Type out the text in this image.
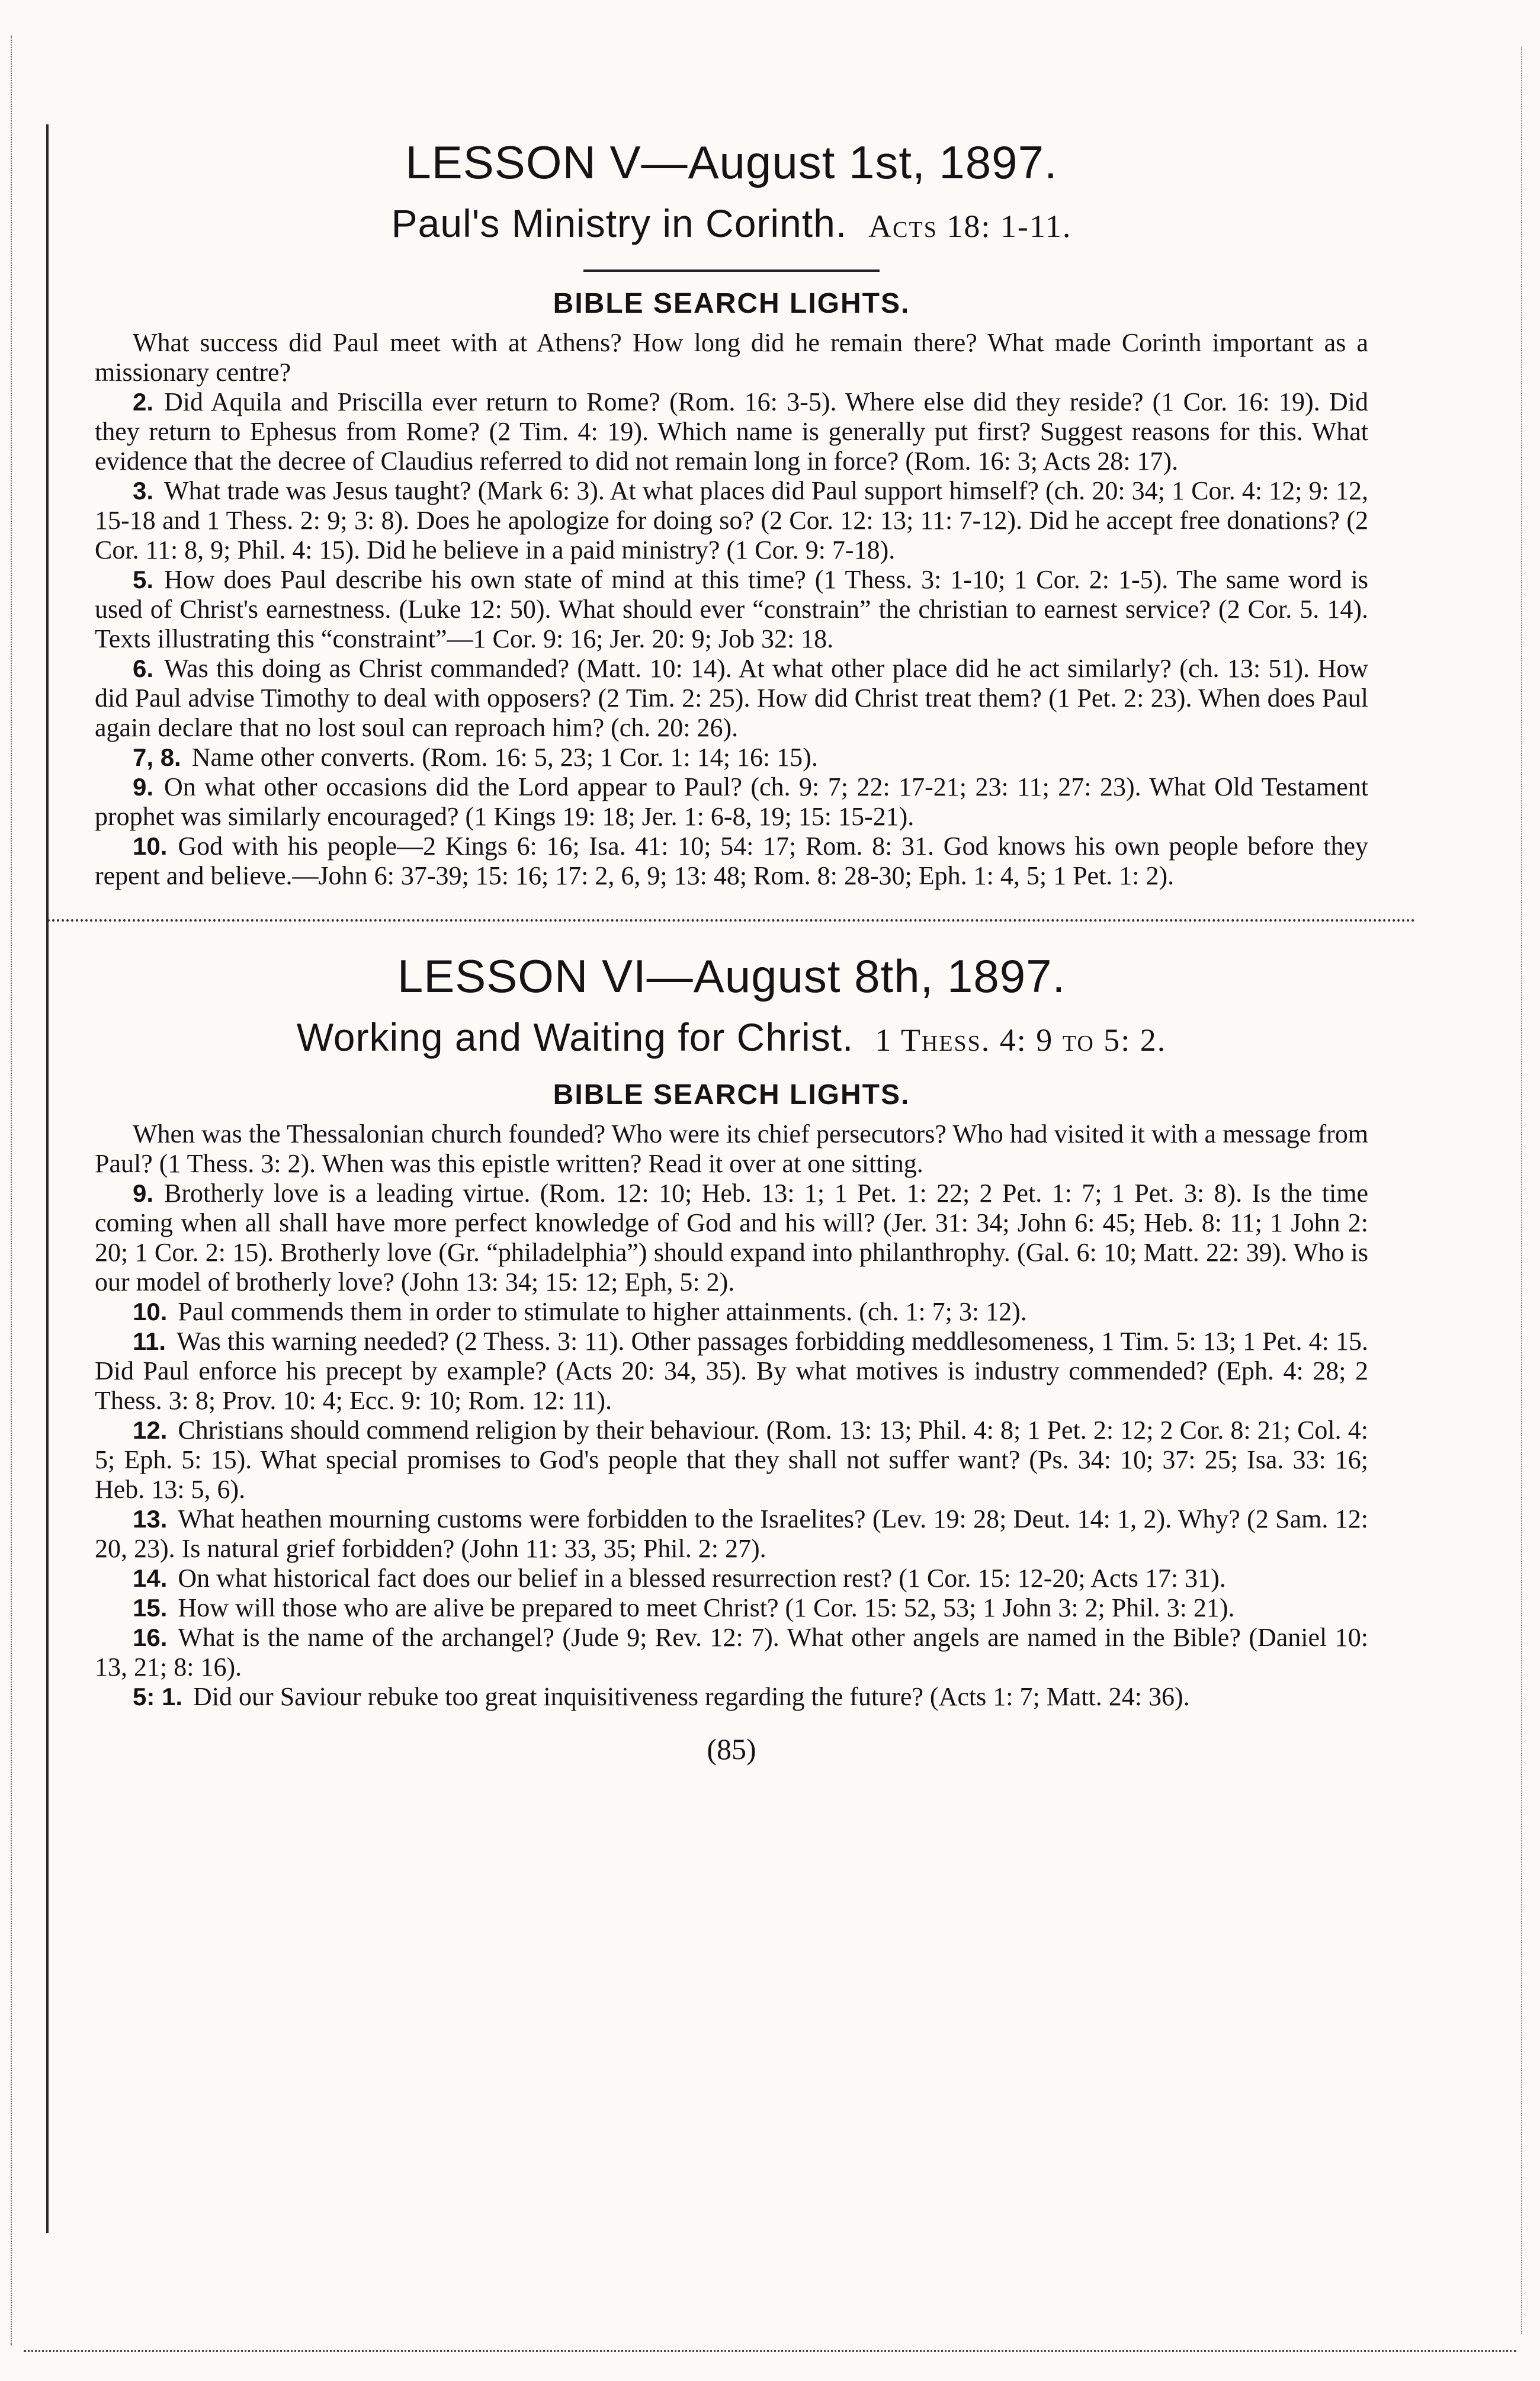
LESSON V—August 1st, 1897.
Paul's Ministry in Corinth. Acts 18: 1-11.
BIBLE SEARCH LIGHTS.

What success did Paul meet with at Athens? How long did he remain there? What made Corinth important as a missionary centre?

2. Did Aquila and Priscilla ever return to Rome? (Rom. 16: 3-5). Where else did they reside? (1 Cor. 16: 19). Did they return to Ephesus from Rome? (2 Tim. 4: 19). Which name is generally put first? Suggest reasons for this. What evidence that the decree of Claudius referred to did not remain long in force? (Rom. 16: 3; Acts 28: 17).

3. What trade was Jesus taught? (Mark 6: 3). At what places did Paul support himself? (ch. 20: 34; 1 Cor. 4: 12; 9: 12, 15-18 and 1 Thess. 2: 9; 3: 8). Does he apologize for doing so? (2 Cor. 12: 13; 11: 7-12). Did he accept free donations? (2 Cor. 11: 8, 9; Phil. 4: 15). Did he believe in a paid ministry? (1 Cor. 9: 7-18).

5. How does Paul describe his own state of mind at this time? (1 Thess. 3: 1-10; 1 Cor. 2: 1-5). The same word is used of Christ's earnestness. (Luke 12: 50). What should ever “constrain” the christian to earnest service? (2 Cor. 5. 14). Texts illustrating this “constraint”—1 Cor. 9: 16; Jer. 20: 9; Job 32: 18.

6. Was this doing as Christ commanded? (Matt. 10: 14). At what other place did he act similarly? (ch. 13: 51). How did Paul advise Timothy to deal with opposers? (2 Tim. 2: 25). How did Christ treat them? (1 Pet. 2: 23). When does Paul again declare that no lost soul can reproach him? (ch. 20: 26).

7, 8. Name other converts. (Rom. 16: 5, 23; 1 Cor. 1: 14; 16: 15).

9. On what other occasions did the Lord appear to Paul? (ch. 9: 7; 22: 17-21; 23: 11; 27: 23). What Old Testament prophet was similarly encouraged? (1 Kings 19: 18; Jer. 1: 6-8, 19; 15: 15-21).

10. God with his people—2 Kings 6: 16; Isa. 41: 10; 54: 17; Rom. 8: 31. God knows his own people before they repent and believe.—John 6: 37-39; 15: 16; 17: 2, 6, 9; 13: 48; Rom. 8: 28-30; Eph. 1: 4, 5; 1 Pet. 1: 2).

LESSON VI—August 8th, 1897.
Working and Waiting for Christ. 1 Thess. 4: 9 to 5: 2.
BIBLE SEARCH LIGHTS.

When was the Thessalonian church founded? Who were its chief persecutors? Who had visited it with a message from Paul? (1 Thess. 3: 2). When was this epistle written? Read it over at one sitting.

9. Brotherly love is a leading virtue. (Rom. 12: 10; Heb. 13: 1; 1 Pet. 1: 22; 2 Pet. 1: 7; 1 Pet. 3: 8). Is the time coming when all shall have more perfect knowledge of God and his will? (Jer. 31: 34; John 6: 45; Heb. 8: 11; 1 John 2: 20; 1 Cor. 2: 15). Brotherly love (Gr. “philadelphia”) should expand into philanthrophy. (Gal. 6: 10; Matt. 22: 39). Who is our model of brotherly love? (John 13: 34; 15: 12; Eph, 5: 2).

10. Paul commends them in order to stimulate to higher attainments. (ch. 1: 7; 3: 12).

11. Was this warning needed? (2 Thess. 3: 11). Other passages forbidding meddlesomeness, 1 Tim. 5: 13; 1 Pet. 4: 15. Did Paul enforce his precept by example? (Acts 20: 34, 35). By what motives is industry commended? (Eph. 4: 28; 2 Thess. 3: 8; Prov. 10: 4; Ecc. 9: 10; Rom. 12: 11).

12. Christians should commend religion by their behaviour. (Rom. 13: 13; Phil. 4: 8; 1 Pet. 2: 12; 2 Cor. 8: 21; Col. 4: 5; Eph. 5: 15). What special promises to God's people that they shall not suffer want? (Ps. 34: 10; 37: 25; Isa. 33: 16; Heb. 13: 5, 6).

13. What heathen mourning customs were forbidden to the Israelites? (Lev. 19: 28; Deut. 14: 1, 2). Why? (2 Sam. 12: 20, 23). Is natural grief forbidden? (John 11: 33, 35; Phil. 2: 27).

14. On what historical fact does our belief in a blessed resurrection rest? (1 Cor. 15: 12-20; Acts 17: 31).

15. How will those who are alive be prepared to meet Christ? (1 Cor. 15: 52, 53; 1 John 3: 2; Phil. 3: 21).

16. What is the name of the archangel? (Jude 9; Rev. 12: 7). What other angels are named in the Bible? (Daniel 10: 13, 21; 8: 16).

5: 1. Did our Saviour rebuke too great inquisitiveness regarding the future? (Acts 1: 7; Matt. 24: 36).

(85)
